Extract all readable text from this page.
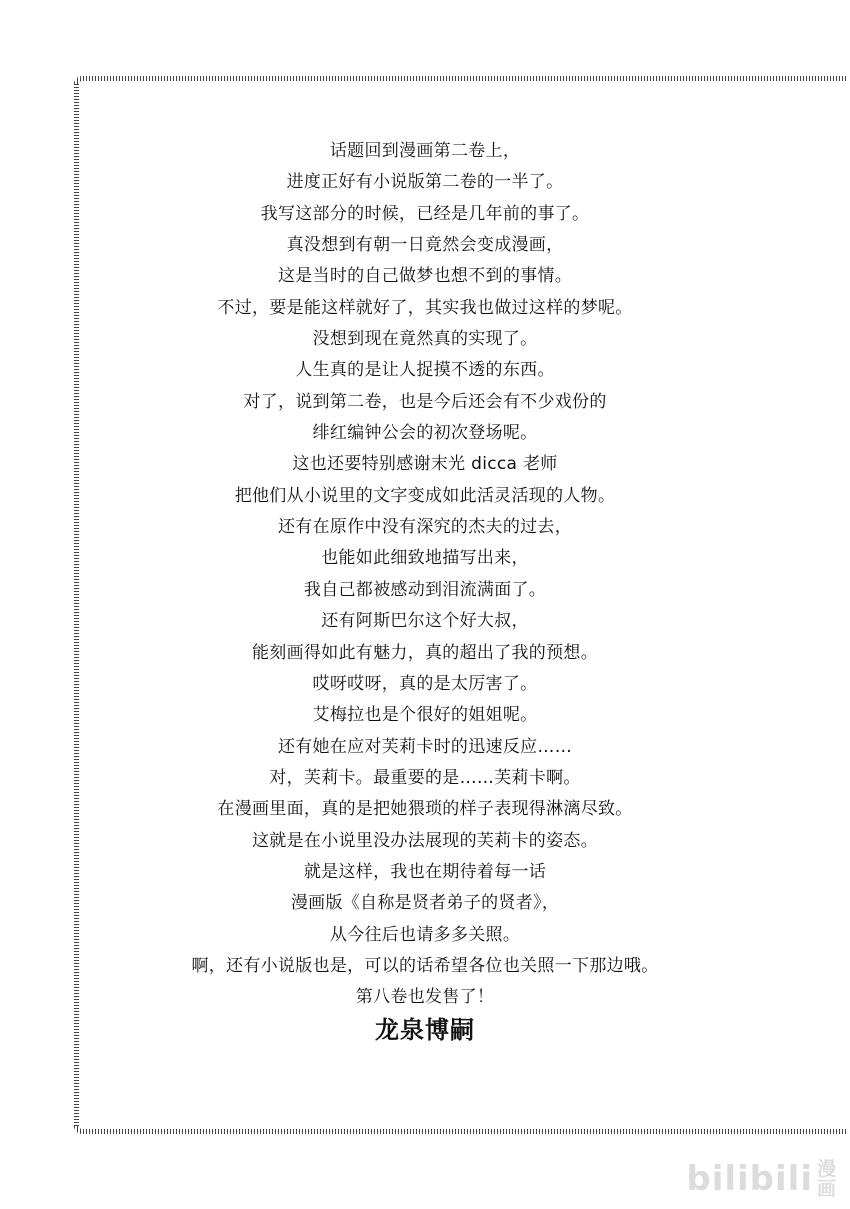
话题回到漫画第二卷上，
进度正好有小说版第二卷的一半了。
我写这部分的时候，已经是几年前的事了。
真没想到有朝一日竟然会变成漫画，
这是当时的自己做梦也想不到的事情。
不过，要是能这样就好了，其实我也做过这样的梦呢。
没想到现在竟然真的实现了。
人生真的是让人捉摸不透的东西。
对了，说到第二卷，也是今后还会有不少戏份的
绯红编钟公会的初次登场呢。
这也还要特别感谢末光 dicca 老师
把他们从小说里的文字变成如此活灵活现的人物。
还有在原作中没有深究的杰夫的过去，
也能如此细致地描写出来，
我自己都被感动到泪流满面了。
还有阿斯巴尔这个好大叔，
能刻画得如此有魅力，真的超出了我的预想。
哎呀哎呀，真的是太厉害了。
艾梅拉也是个很好的姐姐呢。
还有她在应对芙莉卡时的迅速反应……
对，芙莉卡。最重要的是……芙莉卡啊。
在漫画里面，真的是把她猥琐的样子表现得淋漓尽致。
这就是在小说里没办法展现的芙莉卡的姿态。
就是这样，我也在期待着每一话
漫画版《自称是贤者弟子的贤者》，
从今往后也请多多关照。
啊，还有小说版也是，可以的话希望各位也关照一下那边哦。
第八卷也发售了！
龙泉博嗣
bilibili 漫
画
